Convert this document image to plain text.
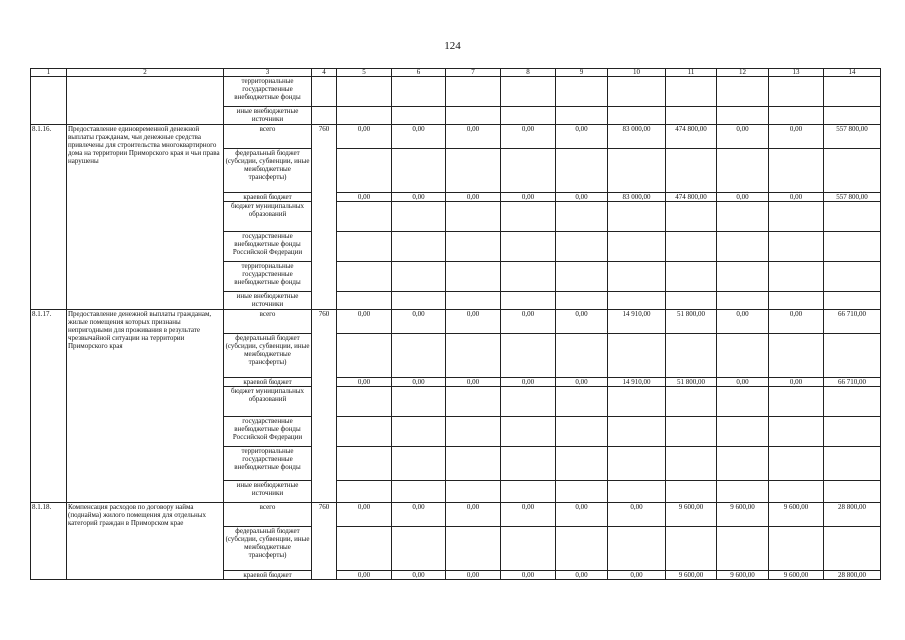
124
1	2	3	4	5	6	7	8	9	10	11	12	13	14
		территориальные государственные внебюджетные фонды											
		иные внебюджетные источники											
8.1.16.	Предоставление единовременной денежной выплаты гражданам, чьи денежные средства привлечены для строительства многоквартирного дома на территории Приморского края и чьи права нарушены	всего	760	0,00	0,00	0,00	0,00	0,00	83 000,00	474 800,00	0,00	0,00	557 800,00
		федеральный бюджет (субсидии, субвенции, иные межбюджетные трансферты)											
		краевой бюджет		0,00	0,00	0,00	0,00	0,00	83 000,00	474 800,00	0,00	0,00	557 800,00
		бюджет муниципальных образований											
		государственные внебюджетные фонды Российской Федерации											
		территориальные государственные внебюджетные фонды											
		иные внебюджетные источники											
8.1.17.	Предоставление денежной выплаты гражданам, жилые помещения которых признаны непригодными для проживания в результате чрезвычайной ситуации на территории Приморского края	всего	760	0,00	0,00	0,00	0,00	0,00	14 910,00	51 800,00	0,00	0,00	66 710,00
		федеральный бюджет (субсидии, субвенции, иные межбюджетные трансферты)											
		краевой бюджет		0,00	0,00	0,00	0,00	0,00	14 910,00	51 800,00	0,00	0,00	66 710,00
		бюджет муниципальных образований											
		государственные внебюджетные фонды Российской Федерации											
		территориальные государственные внебюджетные фонды											
		иные внебюджетные источники											
8.1.18.	Компенсация расходов по договору найма (поднайма) жилого помещения для отдельных категорий граждан в Приморском крае	всего	760	0,00	0,00	0,00	0,00	0,00	0,00	9 600,00	9 600,00	9 600,00	28 800,00
		федеральный бюджет (субсидии, субвенции, иные межбюджетные трансферты)											
		краевой бюджет		0,00	0,00	0,00	0,00	0,00	0,00	9 600,00	9 600,00	9 600,00	28 800,00
